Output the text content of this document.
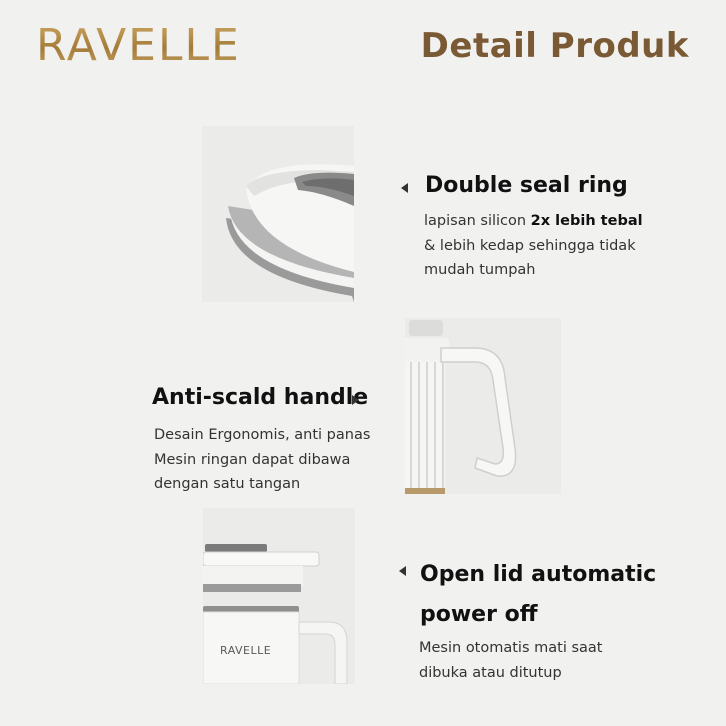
RAVELLE	Detail Produk
RAVELLE
Double seal ring
lapisan silicon 2x lebih tebal
& lebih kedap sehingga tidak
mudah tumpah
Anti-scald handle
Desain Ergonomis, anti panas
Mesin ringan dapat dibawa
dengan satu tangan
Open lid automatic
power off
Mesin otomatis mati saat
dibuka atau ditutup
